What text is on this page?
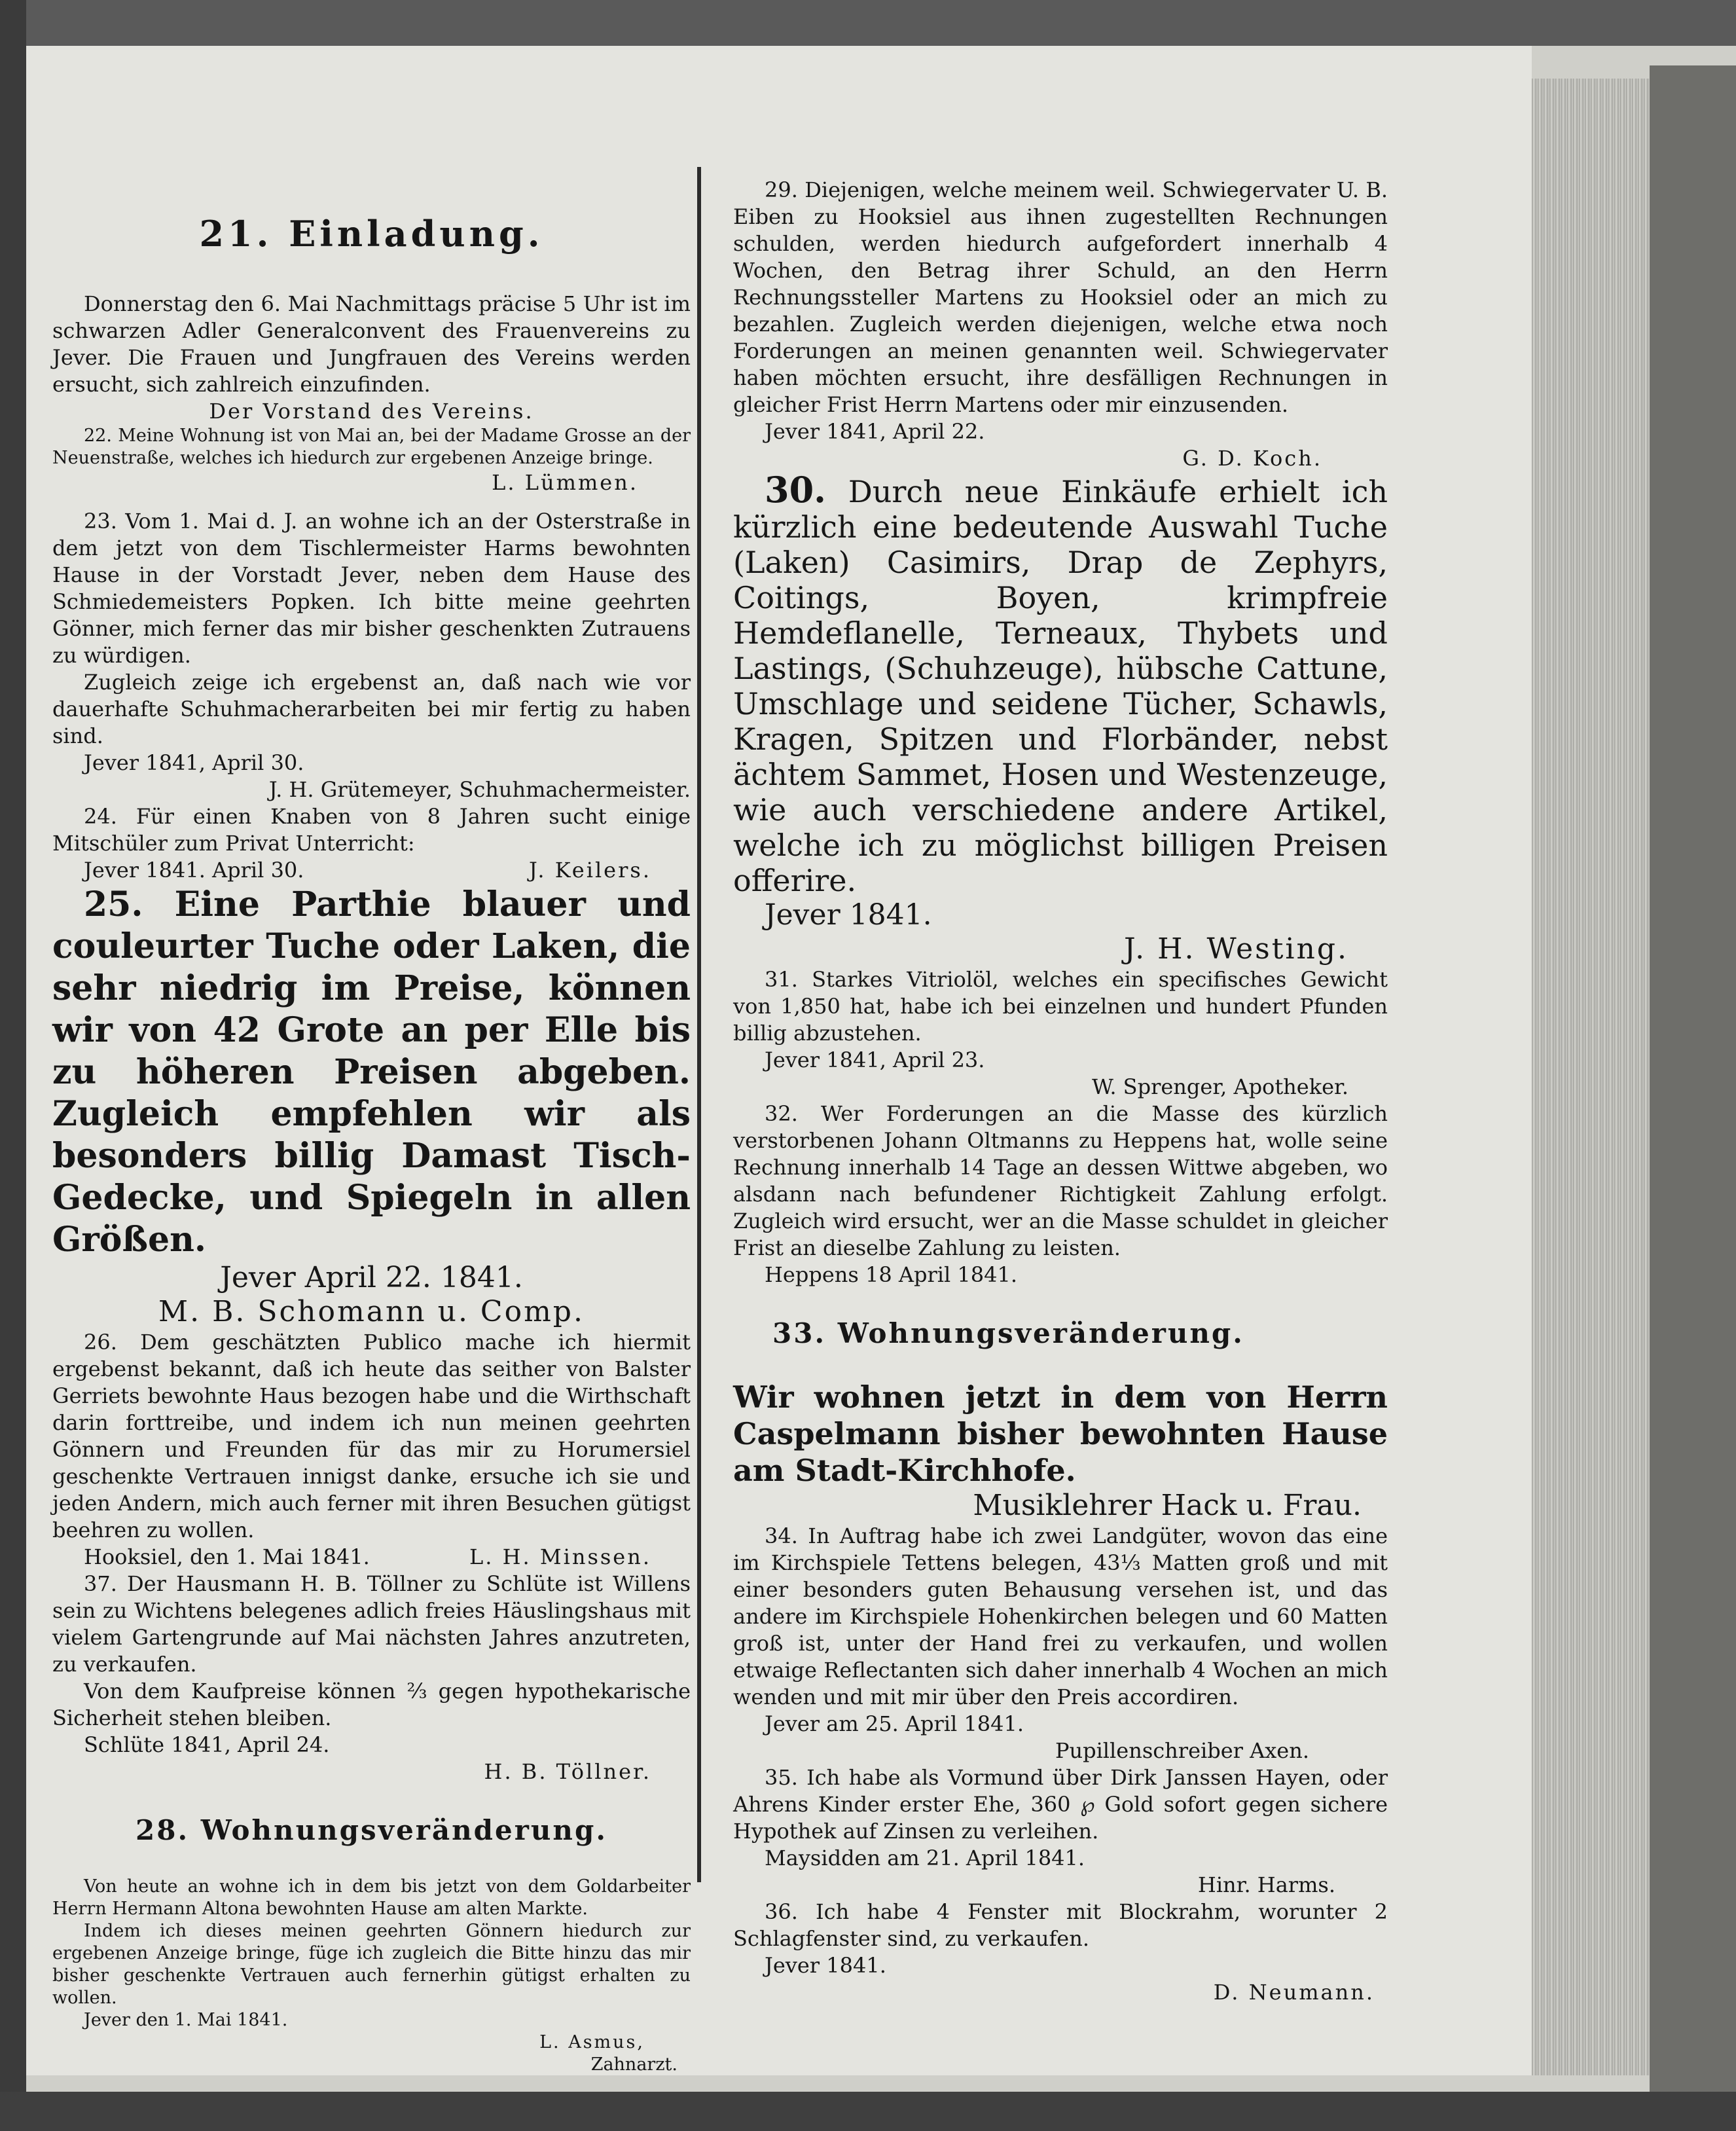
21. Einladung.

Donnerstag den 6. Mai Nachmittags präcise 5 Uhr ist im schwarzen Adler Generalconvent des Frauenvereins zu Jever. Die Frauen und Jungfrauen des Vereins werden ersucht, sich zahlreich einzufinden.

Der Vorstand des Vereins.

22. Meine Wohnung ist von Mai an, bei der Madame Grosse an der Neuenstraße, welches ich hiedurch zur ergebenen Anzeige bringe.

L. Lümmen.

23. Vom 1. Mai d. J. an wohne ich an der Osterstraße in dem jetzt von dem Tischlermeister Harms bewohnten Hause in der Vorstadt Jever, neben dem Hause des Schmiedemeisters Popken. Ich bitte meine geehrten Gönner, mich ferner das mir bisher geschenkten Zutrauens zu würdigen.

Zugleich zeige ich ergebenst an, daß nach wie vor dauerhafte Schuhmacherarbeiten bei mir fertig zu haben sind.

Jever 1841, April 30.

J. H. Grütemeyer, Schuhmachermeister.

24. Für einen Knaben von 8 Jahren sucht einige Mitschüler zum Privat Unterricht:

Jever 1841. April 30.	J. Keilers.

25. Eine Parthie blauer und couleurter Tuche oder Laken, die sehr niedrig im Preise, können wir von 42 Grote an per Elle bis zu höheren Preisen abgeben. Zugleich empfehlen wir als besonders billig Damast Tisch-Gedecke, und Spiegeln in allen Größen.

Jever April 22. 1841.

M. B. Schomann u. Comp.

26. Dem geschätzten Publico mache ich hiermit ergebenst bekannt, daß ich heute das seither von Balster Gerriets bewohnte Haus bezogen habe und die Wirthschaft darin forttreibe, und indem ich nun meinen geehrten Gönnern und Freunden für das mir zu Horumersiel geschenkte Vertrauen innigst danke, ersuche ich sie und jeden Andern, mich auch ferner mit ihren Besuchen gütigst beehren zu wollen.

Hooksiel, den 1. Mai 1841.	L. H. Minssen.

37. Der Hausmann H. B. Töllner zu Schlüte ist Willens sein zu Wichtens belegenes adlich freies Häuslingshaus mit vielem Gartengrunde auf Mai nächsten Jahres anzutreten, zu verkaufen.

Von dem Kaufpreise können ⅔ gegen hypothekarische Sicherheit stehen bleiben.

Schlüte 1841, April 24.

H. B. Töllner.

28. Wohnungsveränderung.

Von heute an wohne ich in dem bis jetzt von dem Goldarbeiter Herrn Hermann Altona bewohnten Hause am alten Markte.

Indem ich dieses meinen geehrten Gönnern hiedurch zur ergebenen Anzeige bringe, füge ich zugleich die Bitte hinzu das mir bisher geschenkte Vertrauen auch fernerhin gütigst erhalten zu wollen.

Jever den 1. Mai 1841.

L. Asmus,

Zahnarzt.

29. Diejenigen, welche meinem weil. Schwiegervater U. B. Eiben zu Hooksiel aus ihnen zugestellten Rechnungen schulden, werden hiedurch aufgefordert innerhalb 4 Wochen, den Betrag ihrer Schuld, an den Herrn Rechnungssteller Martens zu Hooksiel oder an mich zu bezahlen. Zugleich werden diejenigen, welche etwa noch Forderungen an meinen genannten weil. Schwiegervater haben möchten ersucht, ihre desfälligen Rechnungen in gleicher Frist Herrn Martens oder mir einzusenden.

Jever 1841, April 22.

G. D. Koch.

30. Durch neue Einkäufe erhielt ich kürzlich eine bedeutende Auswahl Tuche (Laken) Casimirs, Drap de Zephyrs, Coitings, Boyen, krimpfreie Hemdeflanelle, Terneaux, Thybets und Lastings, (Schuhzeuge), hübsche Cattune, Umschlage und seidene Tücher, Schawls, Kragen, Spitzen und Florbänder, nebst ächtem Sammet, Hosen und Westenzeuge, wie auch verschiedene andere Artikel, welche ich zu möglichst billigen Preisen offerire.

Jever 1841.

J. H. Westing.

31. Starkes Vitriolöl, welches ein specifisches Gewicht von 1,850 hat, habe ich bei einzelnen und hundert Pfunden billig abzustehen.

Jever 1841, April 23.

W. Sprenger, Apotheker.

32. Wer Forderungen an die Masse des kürzlich verstorbenen Johann Oltmanns zu Heppens hat, wolle seine Rechnung innerhalb 14 Tage an dessen Wittwe abgeben, wo alsdann nach befundener Richtigkeit Zahlung erfolgt. Zugleich wird ersucht, wer an die Masse schuldet in gleicher Frist an dieselbe Zahlung zu leisten.

Heppens 18 April 1841.

33. Wohnungsveränderung.

Wir wohnen jetzt in dem von Herrn Caspelmann bisher bewohnten Hause am Stadt-Kirchhofe.

Musiklehrer Hack u. Frau.

34. In Auftrag habe ich zwei Landgüter, wovon das eine im Kirchspiele Tettens belegen, 43⅓ Matten groß und mit einer besonders guten Behausung versehen ist, und das andere im Kirchspiele Hohenkirchen belegen und 60 Matten groß ist, unter der Hand frei zu verkaufen, und wollen etwaige Reflectanten sich daher innerhalb 4 Wochen an mich wenden und mit mir über den Preis accordiren.

Jever am 25. April 1841.

Pupillenschreiber Axen.

35. Ich habe als Vormund über Dirk Janssen Hayen, oder Ahrens Kinder erster Ehe, 360 ℘ Gold sofort gegen sichere Hypothek auf Zinsen zu verleihen.

Maysidden am 21. April 1841.

Hinr. Harms.

36. Ich habe 4 Fenster mit Blockrahm, worunter 2 Schlagfenster sind, zu verkaufen.

Jever 1841.

D. Neumann.
